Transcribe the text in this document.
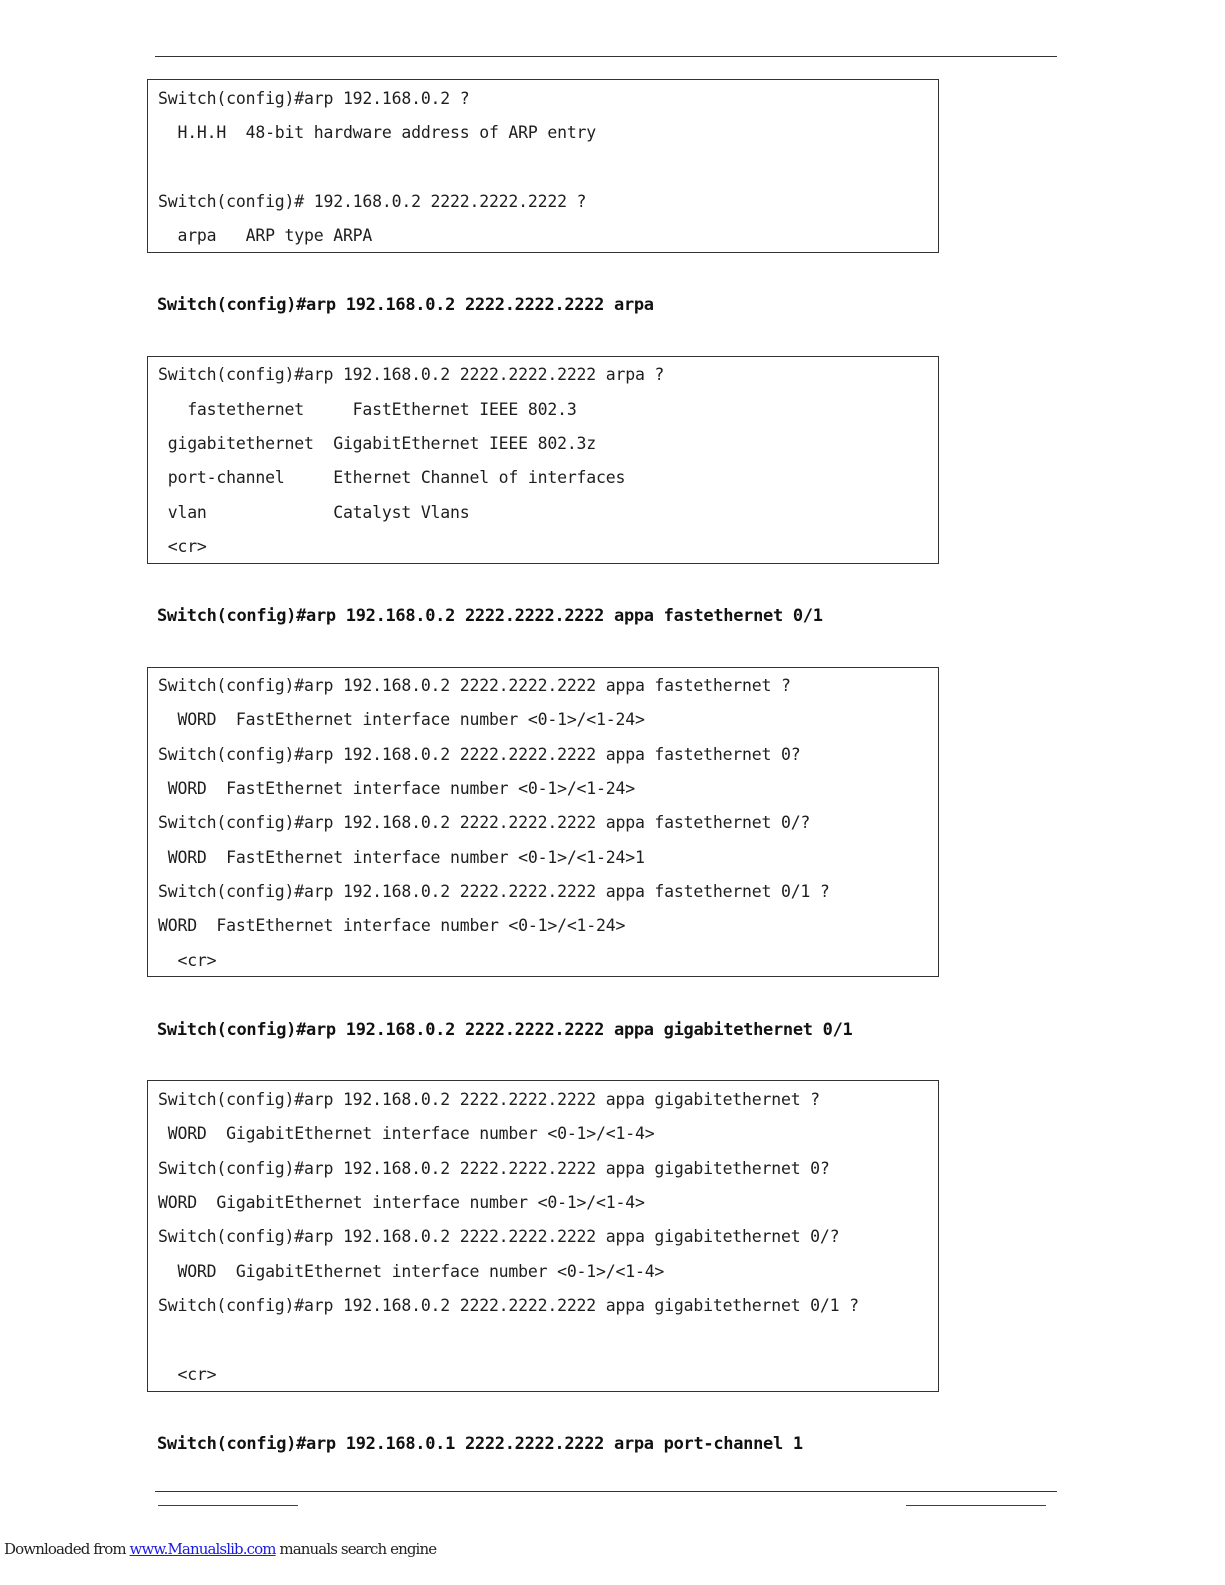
Switch(config)#arp 192.168.0.2 ?
H.H.H  48-bit hardware address of ARP entry
Switch(config)# 192.168.0.2 2222.2222.2222 ?
arpa   ARP type ARPA
Switch(config)#arp 192.168.0.2 2222.2222.2222 arpa
Switch(config)#arp 192.168.0.2 2222.2222.2222 arpa ?
fastethernet     FastEthernet IEEE 802.3
gigabitethernet  GigabitEthernet IEEE 802.3z
port-channel     Ethernet Channel of interfaces
vlan             Catalyst Vlans
<cr>
Switch(config)#arp 192.168.0.2 2222.2222.2222 appa fastethernet 0/1
Switch(config)#arp 192.168.0.2 2222.2222.2222 appa fastethernet ?
WORD  FastEthernet interface number <0-1>/<1-24>
Switch(config)#arp 192.168.0.2 2222.2222.2222 appa fastethernet 0?
WORD  FastEthernet interface number <0-1>/<1-24>
Switch(config)#arp 192.168.0.2 2222.2222.2222 appa fastethernet 0/?
WORD  FastEthernet interface number <0-1>/<1-24>1
Switch(config)#arp 192.168.0.2 2222.2222.2222 appa fastethernet 0/1 ?
WORD  FastEthernet interface number <0-1>/<1-24>
<cr>
Switch(config)#arp 192.168.0.2 2222.2222.2222 appa gigabitethernet 0/1
Switch(config)#arp 192.168.0.2 2222.2222.2222 appa gigabitethernet ?
WORD  GigabitEthernet interface number <0-1>/<1-4>
Switch(config)#arp 192.168.0.2 2222.2222.2222 appa gigabitethernet 0?
WORD  GigabitEthernet interface number <0-1>/<1-4>
Switch(config)#arp 192.168.0.2 2222.2222.2222 appa gigabitethernet 0/?
WORD  GigabitEthernet interface number <0-1>/<1-4>
Switch(config)#arp 192.168.0.2 2222.2222.2222 appa gigabitethernet 0/1 ?
<cr>
Switch(config)#arp 192.168.0.1 2222.2222.2222 arpa port-channel 1
Downloaded from www.Manualslib.com manuals search engine
